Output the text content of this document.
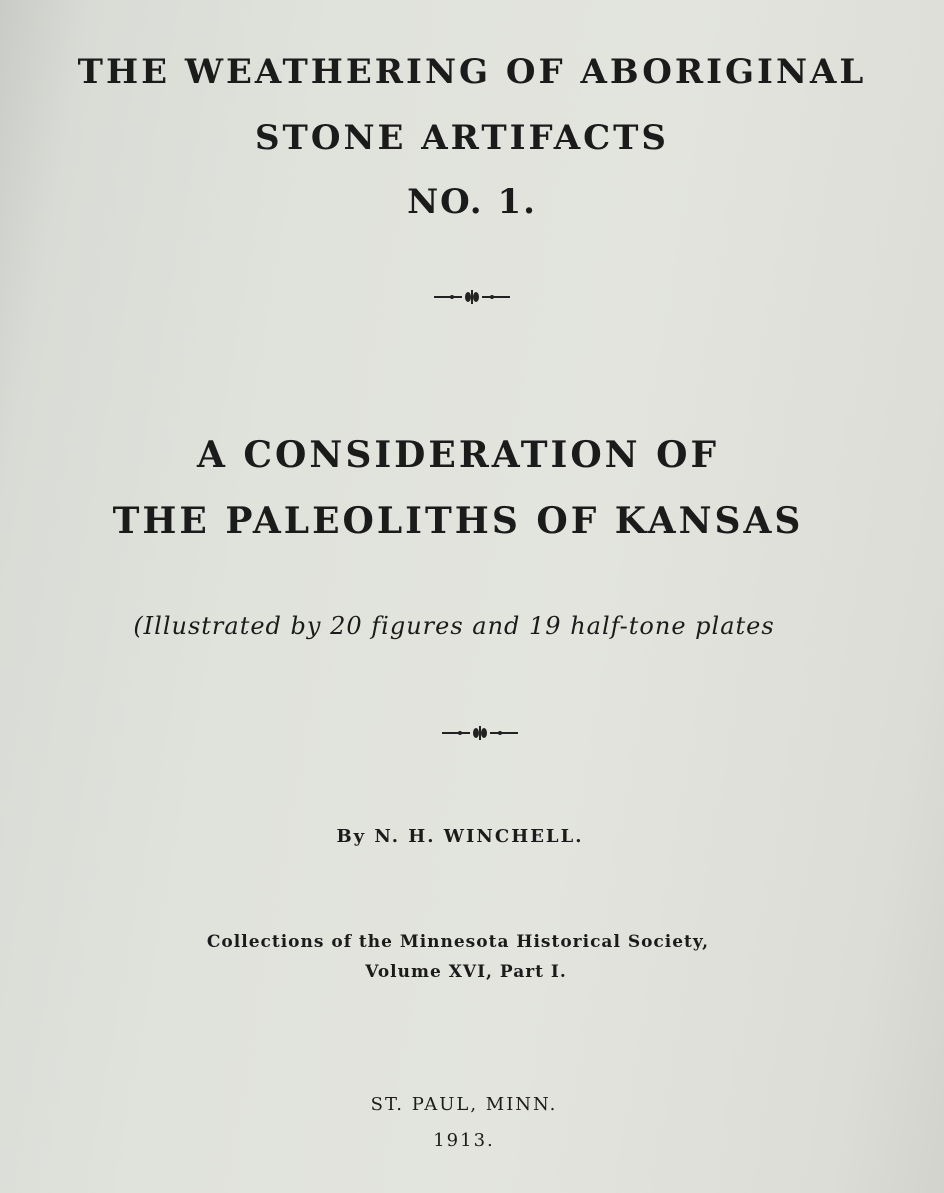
THE WEATHERING OF ABORIGINAL
STONE ARTIFACTS
NO. 1.
A CONSIDERATION OF
THE PALEOLITHS OF KANSAS
(Illustrated by 20 figures and 19 half-tone plates
By N. H. WINCHELL.
Collections of the Minnesota Historical Society,
Volume XVI, Part I.
ST. PAUL, MINN.
1913.
